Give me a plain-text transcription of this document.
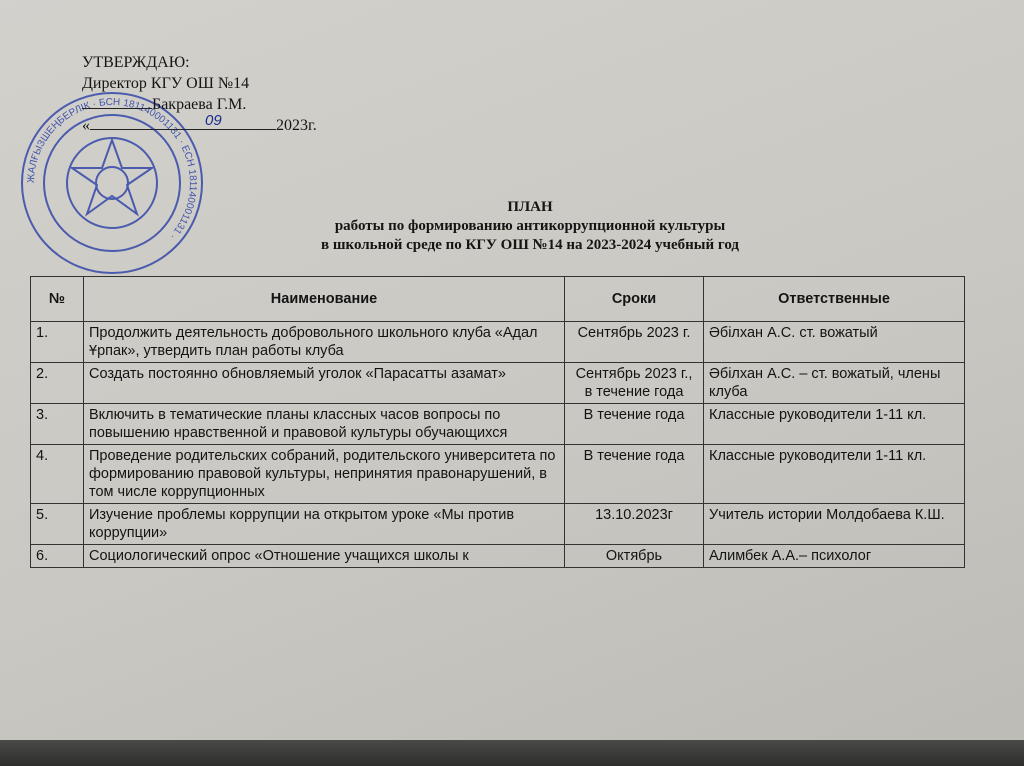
ЖАЛҒЫЗШЕҢБЕРЛІК · БСН 181140001131 · ЕСН 181140001131 ·
УТВЕРЖДАЮ:
Директор КГУ ОШ №14
Бакраева Г.М.
«	2023г.
09
ПЛАН
работы по формированию антикоррупционной культуры
в школьной среде по КГУ ОШ №14 на 2023-2024 учебный год
№	Наименование	Сроки	Ответственные
1.	Продолжить деятельность добровольного школьного клуба «Адал Ұрпак», утвердить план работы клуба	Сентябрь 2023 г.	Әбілхан А.С. ст. вожатый
2.	Создать постоянно обновляемый уголок «Парасатты азамат»	Сентябрь 2023 г., в течение года	Әбілхан А.С. – ст. вожатый, члены клуба
3.	Включить в тематические планы классных часов вопросы по повышению нравственной и правовой культуры обучающихся	В течение года	Классные руководители 1-11 кл.
4.	Проведение родительских собраний, родительского университета по формированию правовой культуры, непринятия правонарушений, в том числе коррупционных	В течение года	Классные руководители 1-11 кл.
5.	Изучение проблемы коррупции на открытом уроке «Мы против коррупции»	13.10.2023г	Учитель истории Молдобаева К.Ш.
6.	Социологический опрос «Отношение учащихся школы к	Октябрь	Алимбек А.А.– психолог
